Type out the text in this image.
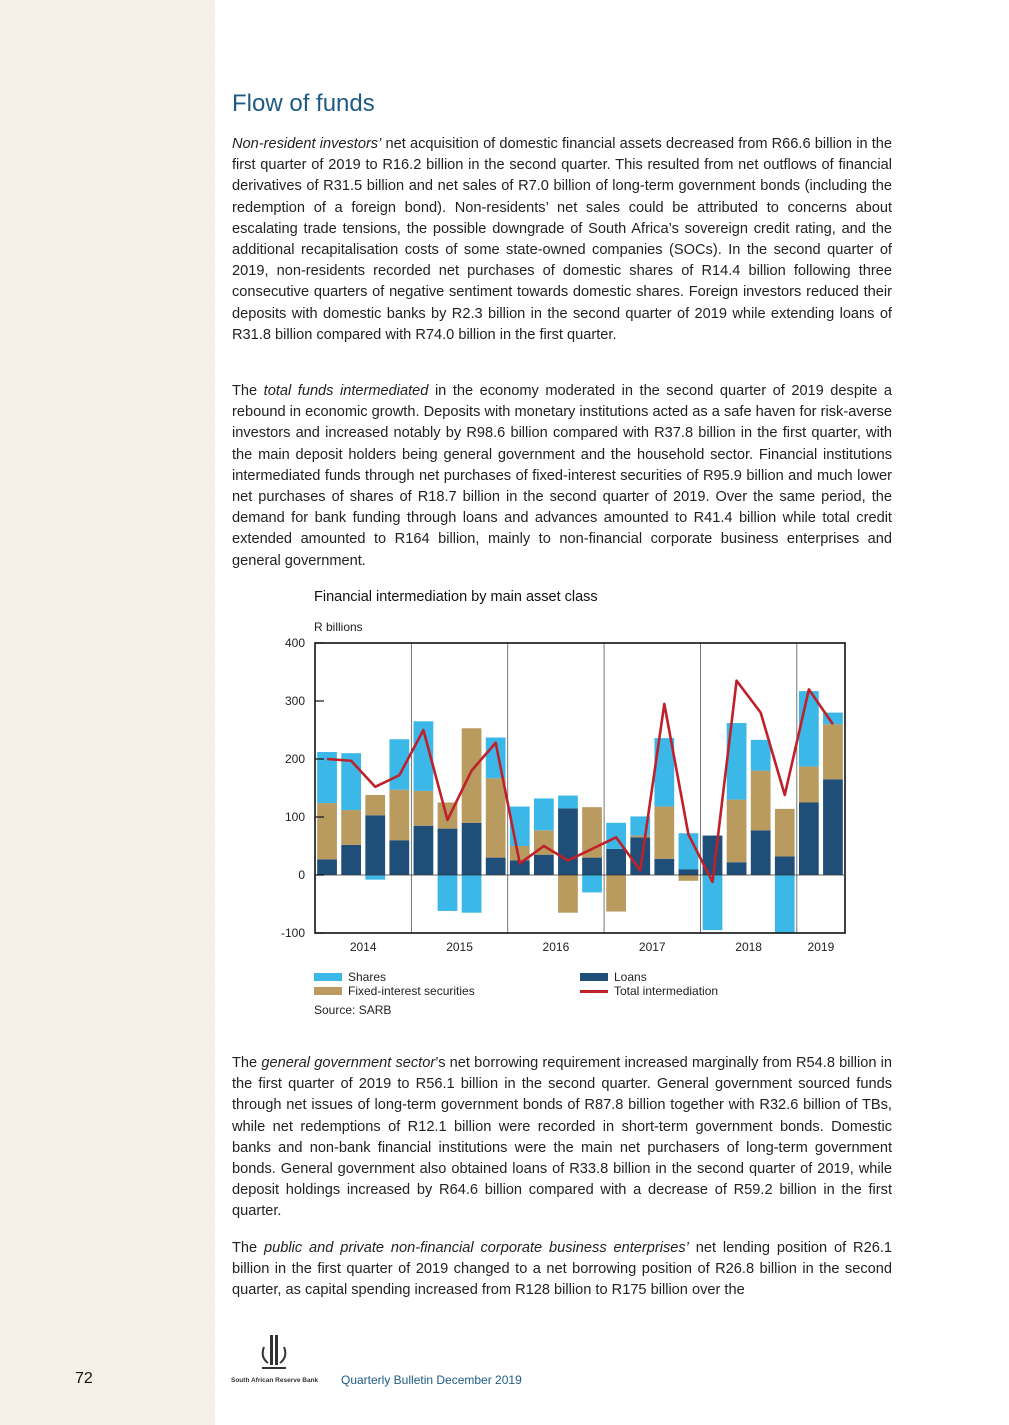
Flow of funds

Non-resident investors’ net acquisition of domestic financial assets decreased from R66.6 billion in the first quarter of 2019 to R16.2 billion in the second quarter. This resulted from net outflows of financial derivatives of R31.5 billion and net sales of R7.0 billion of long-term government bonds (including the redemption of a foreign bond). Non-residents’ net sales could be attributed to concerns about escalating trade tensions, the possible downgrade of South Africa’s sovereign credit rating, and the additional recapitalisation costs of some state-owned companies (SOCs). In the second quarter of 2019, non-residents recorded net purchases of domestic shares of R14.4 billion following three consecutive quarters of negative sentiment towards domestic shares. Foreign investors reduced their deposits with domestic banks by R2.3 billion in the second quarter of 2019 while extending loans of R31.8 billion compared with R74.0 billion in the first quarter.

The total funds intermediated in the economy moderated in the second quarter of 2019 despite a rebound in economic growth. Deposits with monetary institutions acted as a safe haven for risk-averse investors and increased notably by R98.6 billion compared with R37.8 billion in the first quarter, with the main deposit holders being general government and the household sector. Financial institutions intermediated funds through net purchases of fixed-interest securities of R95.9 billion and much lower net purchases of shares of R18.7 billion in the second quarter of 2019. Over the same period, the demand for bank funding through loans and advances amounted to R41.4 billion while total credit extended amounted to R164 billion, mainly to non-financial corporate business enterprises and general government.

Financial intermediation by main asset class
R billions
-100
0
100
200
300
400
2014	2015	2016	2017	2018	2019
Shares
Fixed-interest securities
Loans
Total intermediation
Source: SARB

The general government sector’s net borrowing requirement increased marginally from R54.8 billion in the first quarter of 2019 to R56.1 billion in the second quarter. General government sourced funds through net issues of long-term government bonds of R87.8 billion together with R32.6 billion of TBs, while net redemptions of R12.1 billion were recorded in short-term government bonds. Domestic banks and non-bank financial institutions were the main net purchasers of long-term government bonds. General government also obtained loans of R33.8 billion in the second quarter of 2019, while deposit holdings increased by R64.6 billion compared with a decrease of R59.2 billion in the first quarter.

The public and private non-financial corporate business enterprises’ net lending position of R26.1 billion in the first quarter of 2019 changed to a net borrowing position of R26.8 billion in the second quarter, as capital spending increased from R128 billion to R175 billion over the

72	South African Reserve Bank Quarterly Bulletin December 2019
